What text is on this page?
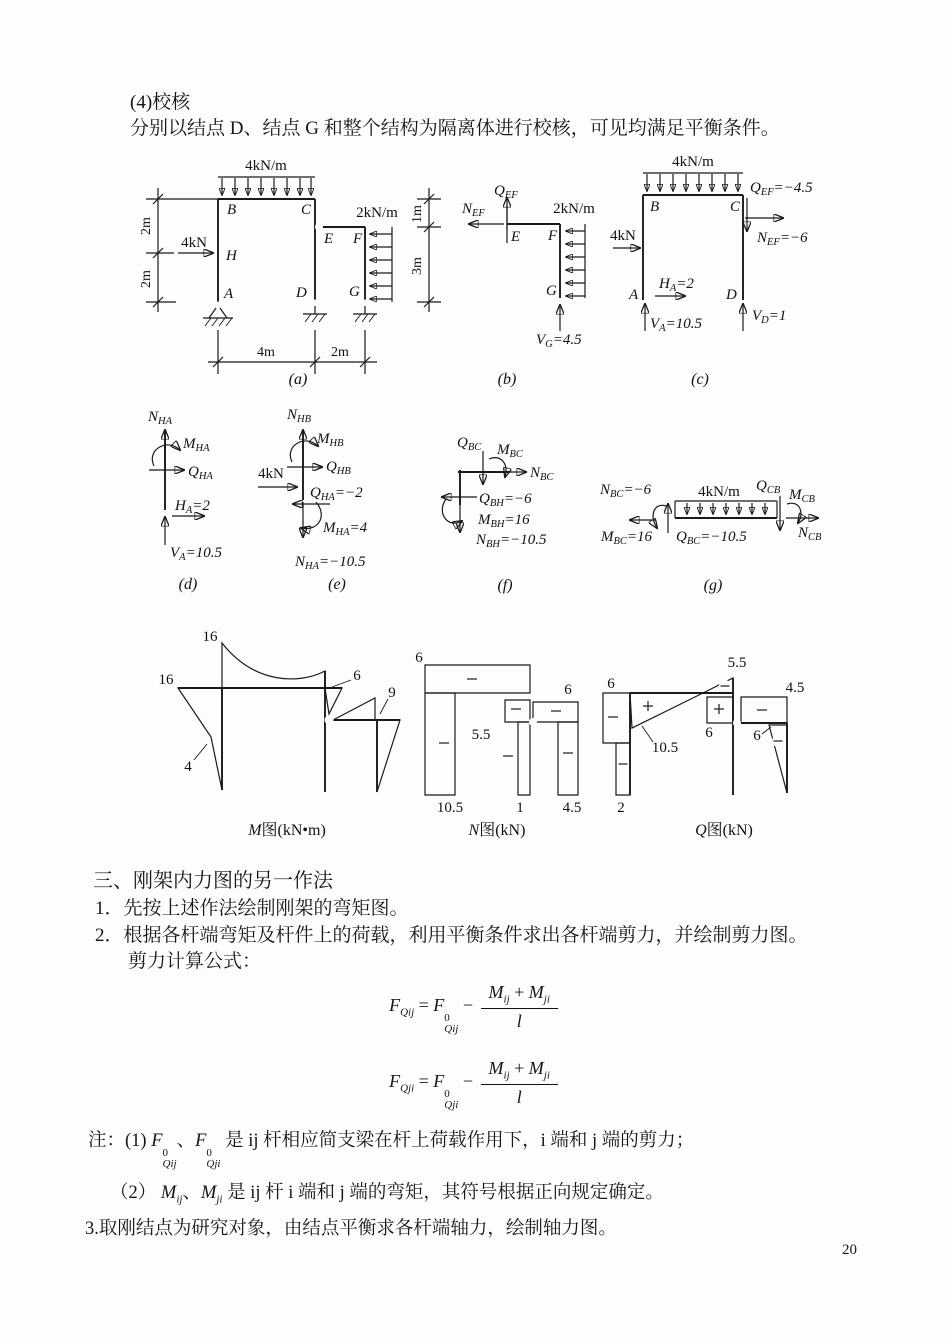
(4)校核
分别以结点 D、结点 G 和整个结构为隔离体进行校核，可见均满足平衡条件。
4kN/m
2kN/m
4kN
B	C
E F
H
A	D	G
2m
2m
1m
3m
4m	2m
(a)
$Q_{EF}$
$N_{EF}$	2kN/m
E F
G
$V_G=4.5$
(b)
4kN/m
$Q_{EF}=-4.5$
$N_{EF}=-6$
B	C
4kN
$H_A=2$
A
$V_A=10.5$
D
$V_D=1$
(c)
$N_{HA}$
$M_{HA}$
$Q_{HA}$
$H_A=2$
$V_A=10.5$
(d)
$N_{HB}$
$M_{HB}$
$Q_{HB}$
4kN
$Q_{HA}=-2$
$M_{HA}=4$
$N_{HA}=-10.5$
(e)
$Q_{BC}$ $M_{BC}$
$N_{BC}$
$Q_{BH}=-6$
$M_{BH}=16$
$N_{BH}=-10.5$
(f)
$N_{BC}=-6$
$M_{BC}=16$
4kN/m $Q_{CB}$ $M_{CB}$
$N_{CB}$
$Q_{BC}=-10.5$
(g)
16
16
4
6
9
M图(kN•m)
6
5.5
10.5	1
6
4.5
N图(kN)
6
2
10.5
5.5
6
4.5
6
Q图(kN)
三、刚架内力图的另一作法
1．先按上述作法绘制刚架的弯矩图。
2．根据各杆端弯矩及杆件上的荷载，利用平衡条件求出各杆端剪力，并绘制剪力图。
剪力计算公式：
$F_{Qij} = F$
0
Qij
− $\frac{M_{ij} + M_{ji}}{l}$
$F_{Qji} = F$
0
Qji
− $\frac{M_{ij} + M_{ji}}{l}$
注：(1) F
0
Qij
、F
0
Qji
是 ij 杆相应简支梁在杆上荷载作用下，i 端和 j 端的剪力；
（2） $M_{ij}$、$M_{ji}$ 是 ij 杆 i 端和 j 端的弯矩，其符号根据正向规定确定。
3.取刚结点为研究对象，由结点平衡求各杆端轴力，绘制轴力图。
20
